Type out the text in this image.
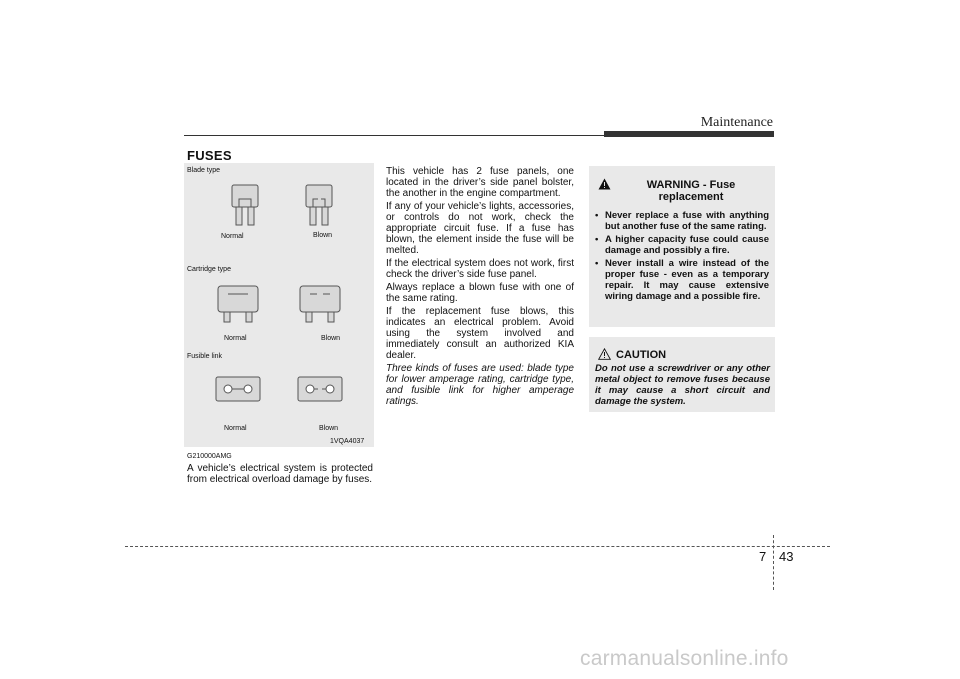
Maintenance
FUSES
Blade type
Normal	Blown
Cartridge type
Normal	Blown
Fusible link
Normal	Blown
1VQA4037
G210000AMG

A vehicle’s electrical system is protected from electrical overload damage by fuses.

This vehicle has 2 fuse panels, one located in the driver’s side panel bolster, the another in the engine compartment.

If any of your vehicle’s lights, accessories, or controls do not work, check the appropriate circuit fuse. If a fuse has blown, the element inside the fuse will be melted.

If the electrical system does not work, first check the driver’s side fuse panel.

Always replace a blown fuse with one of the same rating.

If the replacement fuse blows, this indicates an electrical problem. Avoid using the system involved and immediately consult an authorized KIA dealer.

Three kinds of fuses are used: blade type for lower amperage rating, cartridge type, and fusible link for higher amperage ratings.

WARNING - Fuse replacement
• Never replace a fuse with anything but another fuse of the same rating.
• A higher capacity fuse could cause damage and possibly a fire.
• Never install a wire instead of the proper fuse - even as a temporary repair. It may cause extensive wiring damage and a possible fire.
CAUTION

Do not use a screwdriver or any other metal object to remove fuses because it may cause a short circuit and damage the system.

7 43
carmanualsonline.info
